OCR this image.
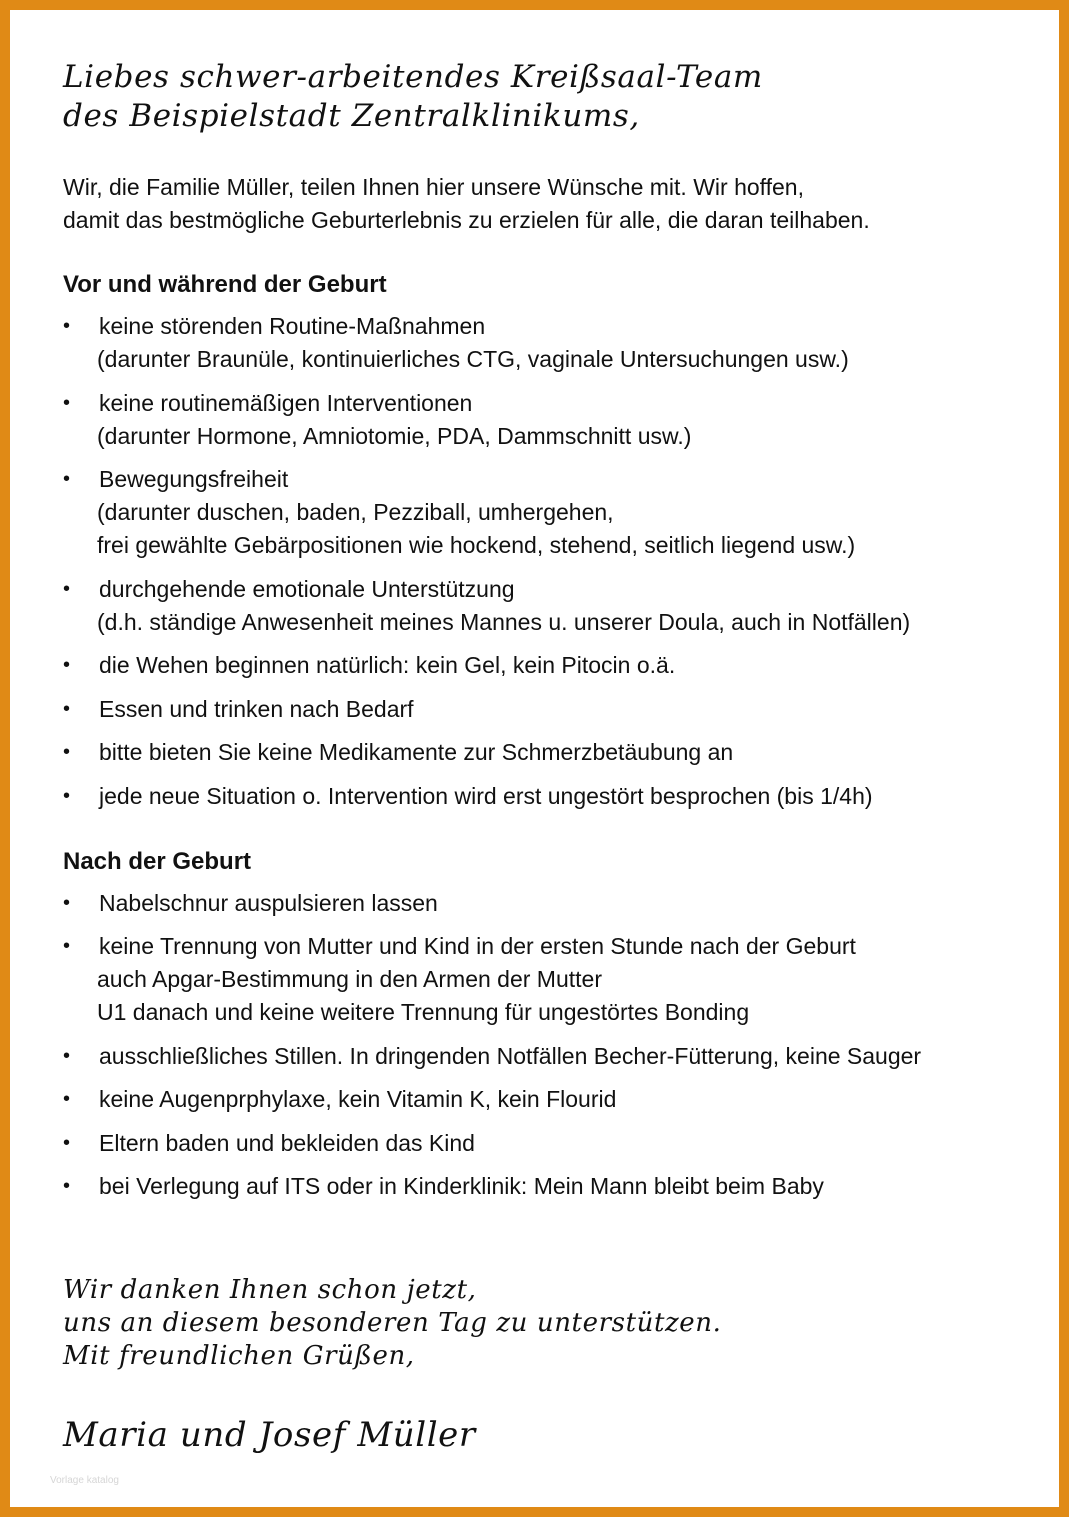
Liebes schwer-arbeitendes Kreißsaal-Team
des Beispielstadt Zentralklinikums,
Wir, die Familie Müller, teilen Ihnen hier unsere Wünsche mit. Wir hoffen,
damit das bestmögliche Geburterlebnis zu erzielen für alle, die daran teilhaben.
Vor und während der Geburt
• keine störenden Routine-Maßnahmen
(darunter Braunüle, kontinuierliches CTG, vaginale Untersuchungen usw.)
• keine routinemäßigen Interventionen
(darunter Hormone, Amniotomie, PDA, Dammschnitt usw.)
• Bewegungsfreiheit
(darunter duschen, baden, Pezziball, umhergehen,
frei gewählte Gebärpositionen wie hockend, stehend, seitlich liegend usw.)
• durchgehende emotionale Unterstützung
(d.h. ständige Anwesenheit meines Mannes u. unserer Doula, auch in Notfällen)
• die Wehen beginnen natürlich: kein Gel, kein Pitocin o.ä.
• Essen und trinken nach Bedarf
• bitte bieten Sie keine Medikamente zur Schmerzbetäubung an
• jede neue Situation o. Intervention wird erst ungestört besprochen (bis 1/4h)
Nach der Geburt
• Nabelschnur auspulsieren lassen
• keine Trennung von Mutter und Kind in der ersten Stunde nach der Geburt
auch Apgar-Bestimmung in den Armen der Mutter
U1 danach und keine weitere Trennung für ungestörtes Bonding
• ausschließliches Stillen. In dringenden Notfällen Becher-Fütterung, keine Sauger
• keine Augenprphylaxe, kein Vitamin K, kein Flourid
• Eltern baden und bekleiden das Kind
• bei Verlegung auf ITS oder in Kinderklinik: Mein Mann bleibt beim Baby
Wir danken Ihnen schon jetzt,
uns an diesem besonderen Tag zu unterstützen.
Mit freundlichen Grüßen,
Maria und Josef Müller
Vorlage katalog
